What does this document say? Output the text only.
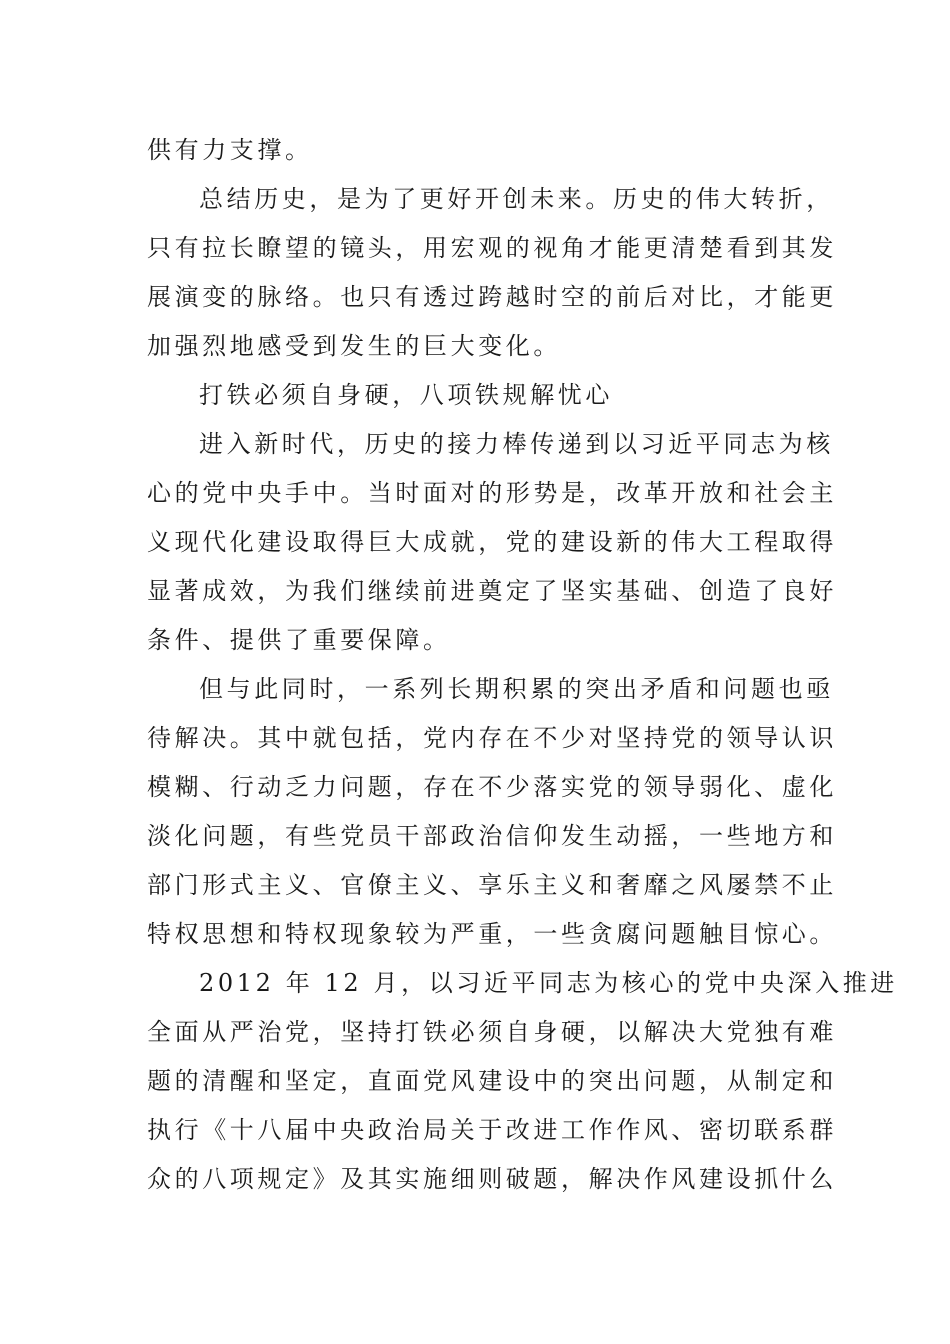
供有力支撑。
总结历史，是为了更好开创未来。历史的伟大转折，
只有拉长瞭望的镜头，用宏观的视角才能更清楚看到其发
展演变的脉络。也只有透过跨越时空的前后对比，才能更
加强烈地感受到发生的巨大变化。
打铁必须自身硬，八项铁规解忧心
进入新时代，历史的接力棒传递到以习近平同志为核
心的党中央手中。当时面对的形势是，改革开放和社会主
义现代化建设取得巨大成就，党的建设新的伟大工程取得
显著成效，为我们继续前进奠定了坚实基础、创造了良好
条件、提供了重要保障。
但与此同时，一系列长期积累的突出矛盾和问题也亟
待解决。其中就包括，党内存在不少对坚持党的领导认识
模糊、行动乏力问题，存在不少落实党的领导弱化、虚化
淡化问题，有些党员干部政治信仰发生动摇，一些地方和
部门形式主义、官僚主义、享乐主义和奢靡之风屡禁不止
特权思想和特权现象较为严重，一些贪腐问题触目惊心。
2012 年 12 月，以习近平同志为核心的党中央深入推进
全面从严治党，坚持打铁必须自身硬，以解决大党独有难
题的清醒和坚定，直面党风建设中的突出问题，从制定和
执行《十八届中央政治局关于改进工作作风、密切联系群
众的八项规定》及其实施细则破题，解决作风建设抓什么
